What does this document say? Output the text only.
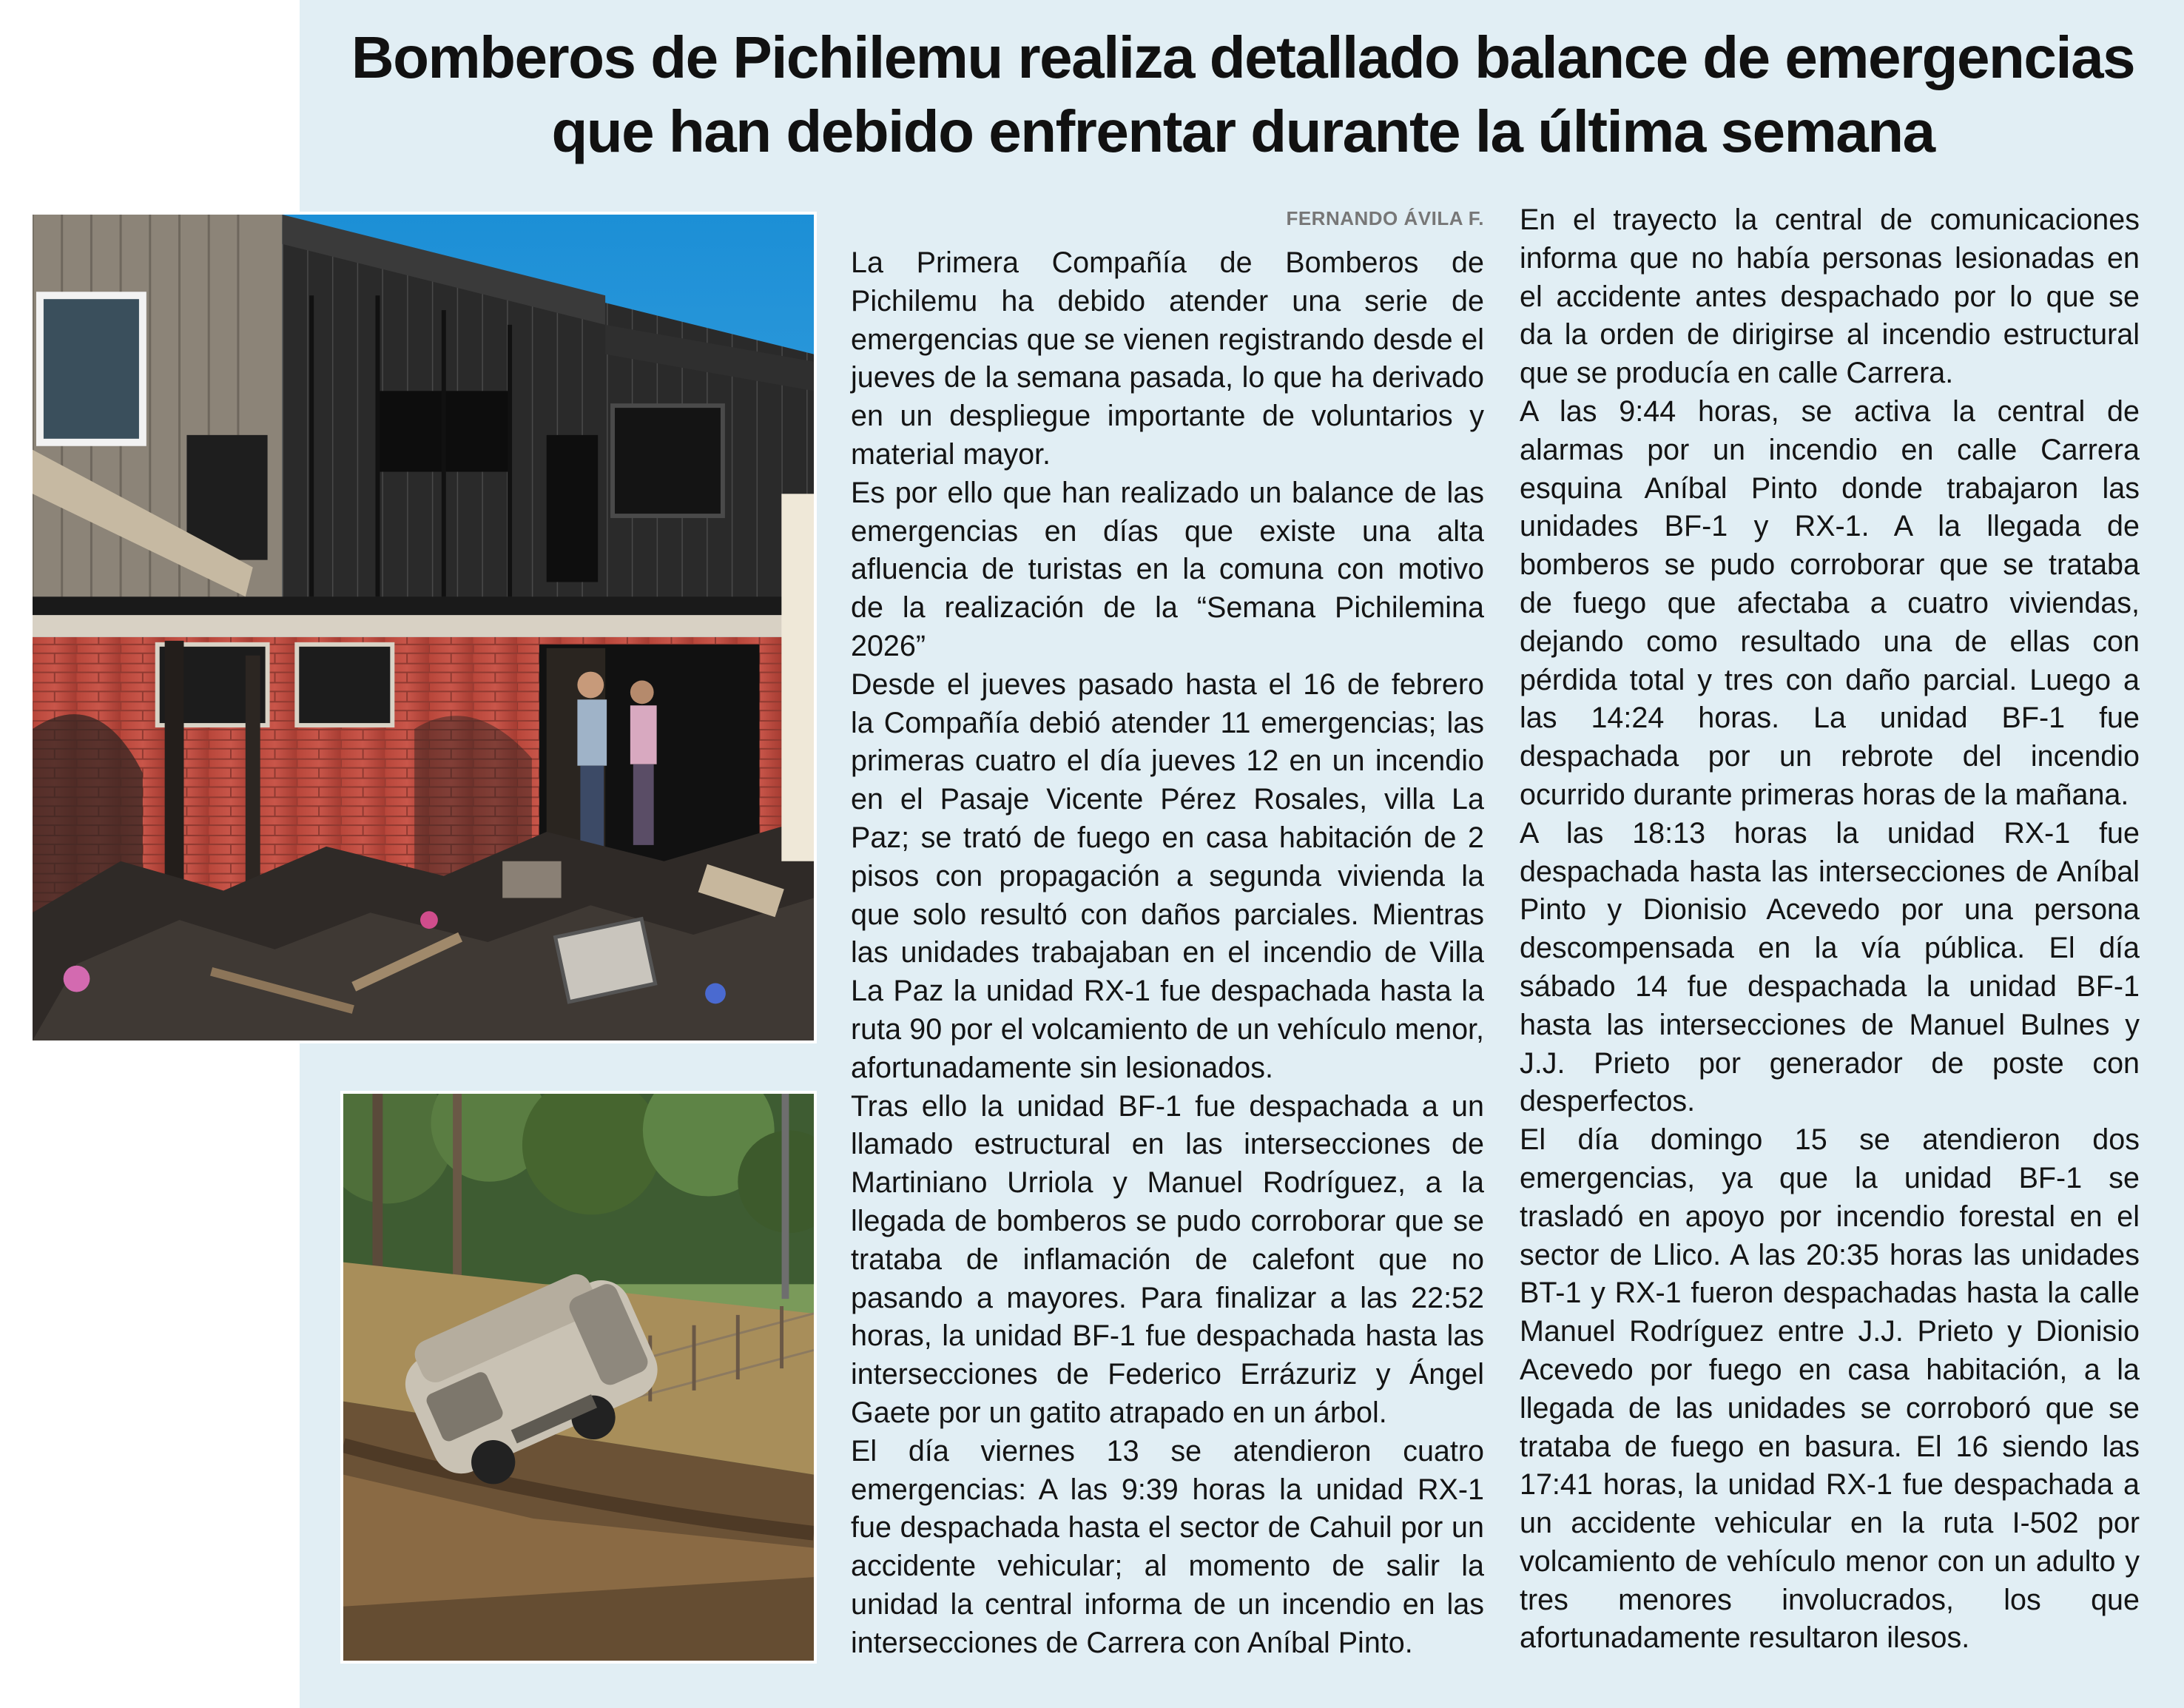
Bomberos de Pichilemu realiza detallado balance de emergencias que han debido enfrentar durante la última semana
FERNANDO ÁVILA F.

La Primera Compañía de Bomberos de Pichilemu ha debido atender una serie de emergencias que se vienen registrando desde el jueves de la semana pasada, lo que ha derivado en un despliegue importante de voluntarios y material mayor.

Es por ello que han realizado un balance de las emergencias en días que existe una alta afluencia de turistas en la comuna con motivo de la realización de la “Semana Pichilemina 2026”

Desde el jueves pasado hasta el 16 de febrero la Compañía debió atender 11 emergencias; las primeras cuatro el día jueves 12 en un incendio en el Pasaje Vicente Pérez Rosales, villa La Paz; se trató de fuego en casa habitación de 2 pisos con propagación a segunda vivienda la que solo resultó con daños parciales. Mientras las unidades trabajaban en el incendio de Villa La Paz la unidad RX-1 fue despachada hasta la ruta 90 por el volcamiento de un vehículo menor, afortunadamente sin lesionados.

Tras ello la unidad BF-1 fue despachada a un llamado estructural en las intersecciones de Martiniano Urriola y Manuel Rodríguez, a la llegada de bomberos se pudo corroborar que se trataba de inflamación de calefont que no pasando a mayores. Para finalizar a las 22:52 horas, la unidad BF-1 fue despachada hasta las intersecciones de Federico Errázuriz y Ángel Gaete por un gatito atrapado en un árbol.

El día viernes 13 se atendieron cuatro emergencias: A las 9:39 horas la unidad RX-1 fue despachada hasta el sector de Cahuil por un accidente vehicular; al momento de salir la unidad la central informa de un incendio en las intersecciones de Carrera con Aníbal Pinto.

En el trayecto la central de comunicaciones informa que no había personas lesionadas en el accidente antes despachado por lo que se da la orden de dirigirse al incendio estructural que se producía en calle Carrera.

A las 9:44 horas, se activa la central de alarmas por un incendio en calle Carrera esquina Aníbal Pinto donde trabajaron las unidades BF-1 y RX-1. A la llegada de bomberos se pudo corroborar que se trataba de fuego que afectaba a cuatro viviendas, dejando como resultado una de ellas con pérdida total y tres con daño parcial. Luego a las 14:24 horas. La unidad BF-1 fue despachada por un rebrote del incendio ocurrido durante primeras horas de la mañana.

A las 18:13 horas la unidad RX-1 fue despachada hasta las intersecciones de Aníbal Pinto y Dionisio Acevedo por una persona descompensada en la vía pública. El día sábado 14 fue despachada la unidad BF-1 hasta las intersecciones de Manuel Bulnes y J.J. Prieto por generador de poste con desperfectos.

El día domingo 15 se atendieron dos emergencias, ya que la unidad BF-1 se trasladó en apoyo por incendio forestal en el sector de Llico. A las 20:35 horas las unidades BT-1 y RX-1 fueron despachadas hasta la calle Manuel Rodríguez entre J.J. Prieto y Dionisio Acevedo por fuego en casa habitación, a la llegada de las unidades se corroboró que se trataba de fuego en basura. El 16 siendo las 17:41 horas, la unidad RX-1 fue despachada a un accidente vehicular en la ruta I-502 por volcamiento de vehículo menor con un adulto y tres menores involucrados, los que afortunadamente resultaron ilesos.
